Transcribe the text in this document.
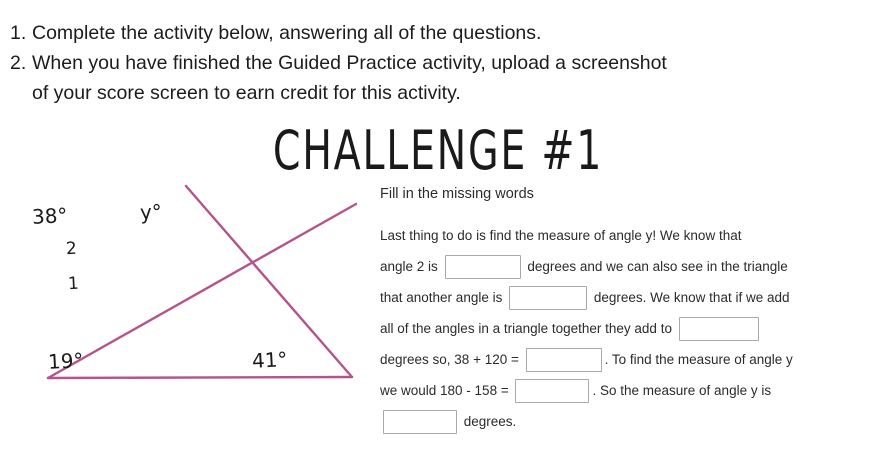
1. Complete the activity below, answering all of the questions.
2. When you have finished the Guided Practice activity, upload a screenshot
of your score screen to earn credit for this activity.
CHALLENGE #1
38°	y°
2
1
19°	41°
Fill in the missing words
Last thing to do is find the measure of angle y! We know that
angle 2 is	degrees and we can also see in the triangle
that another angle is	degrees. We know that if we add
all of the angles in a triangle together they add to
degrees so, 38 + 120 =	. To find the measure of angle y
we would 180 - 158 =	. So the measure of angle y is
degrees.
